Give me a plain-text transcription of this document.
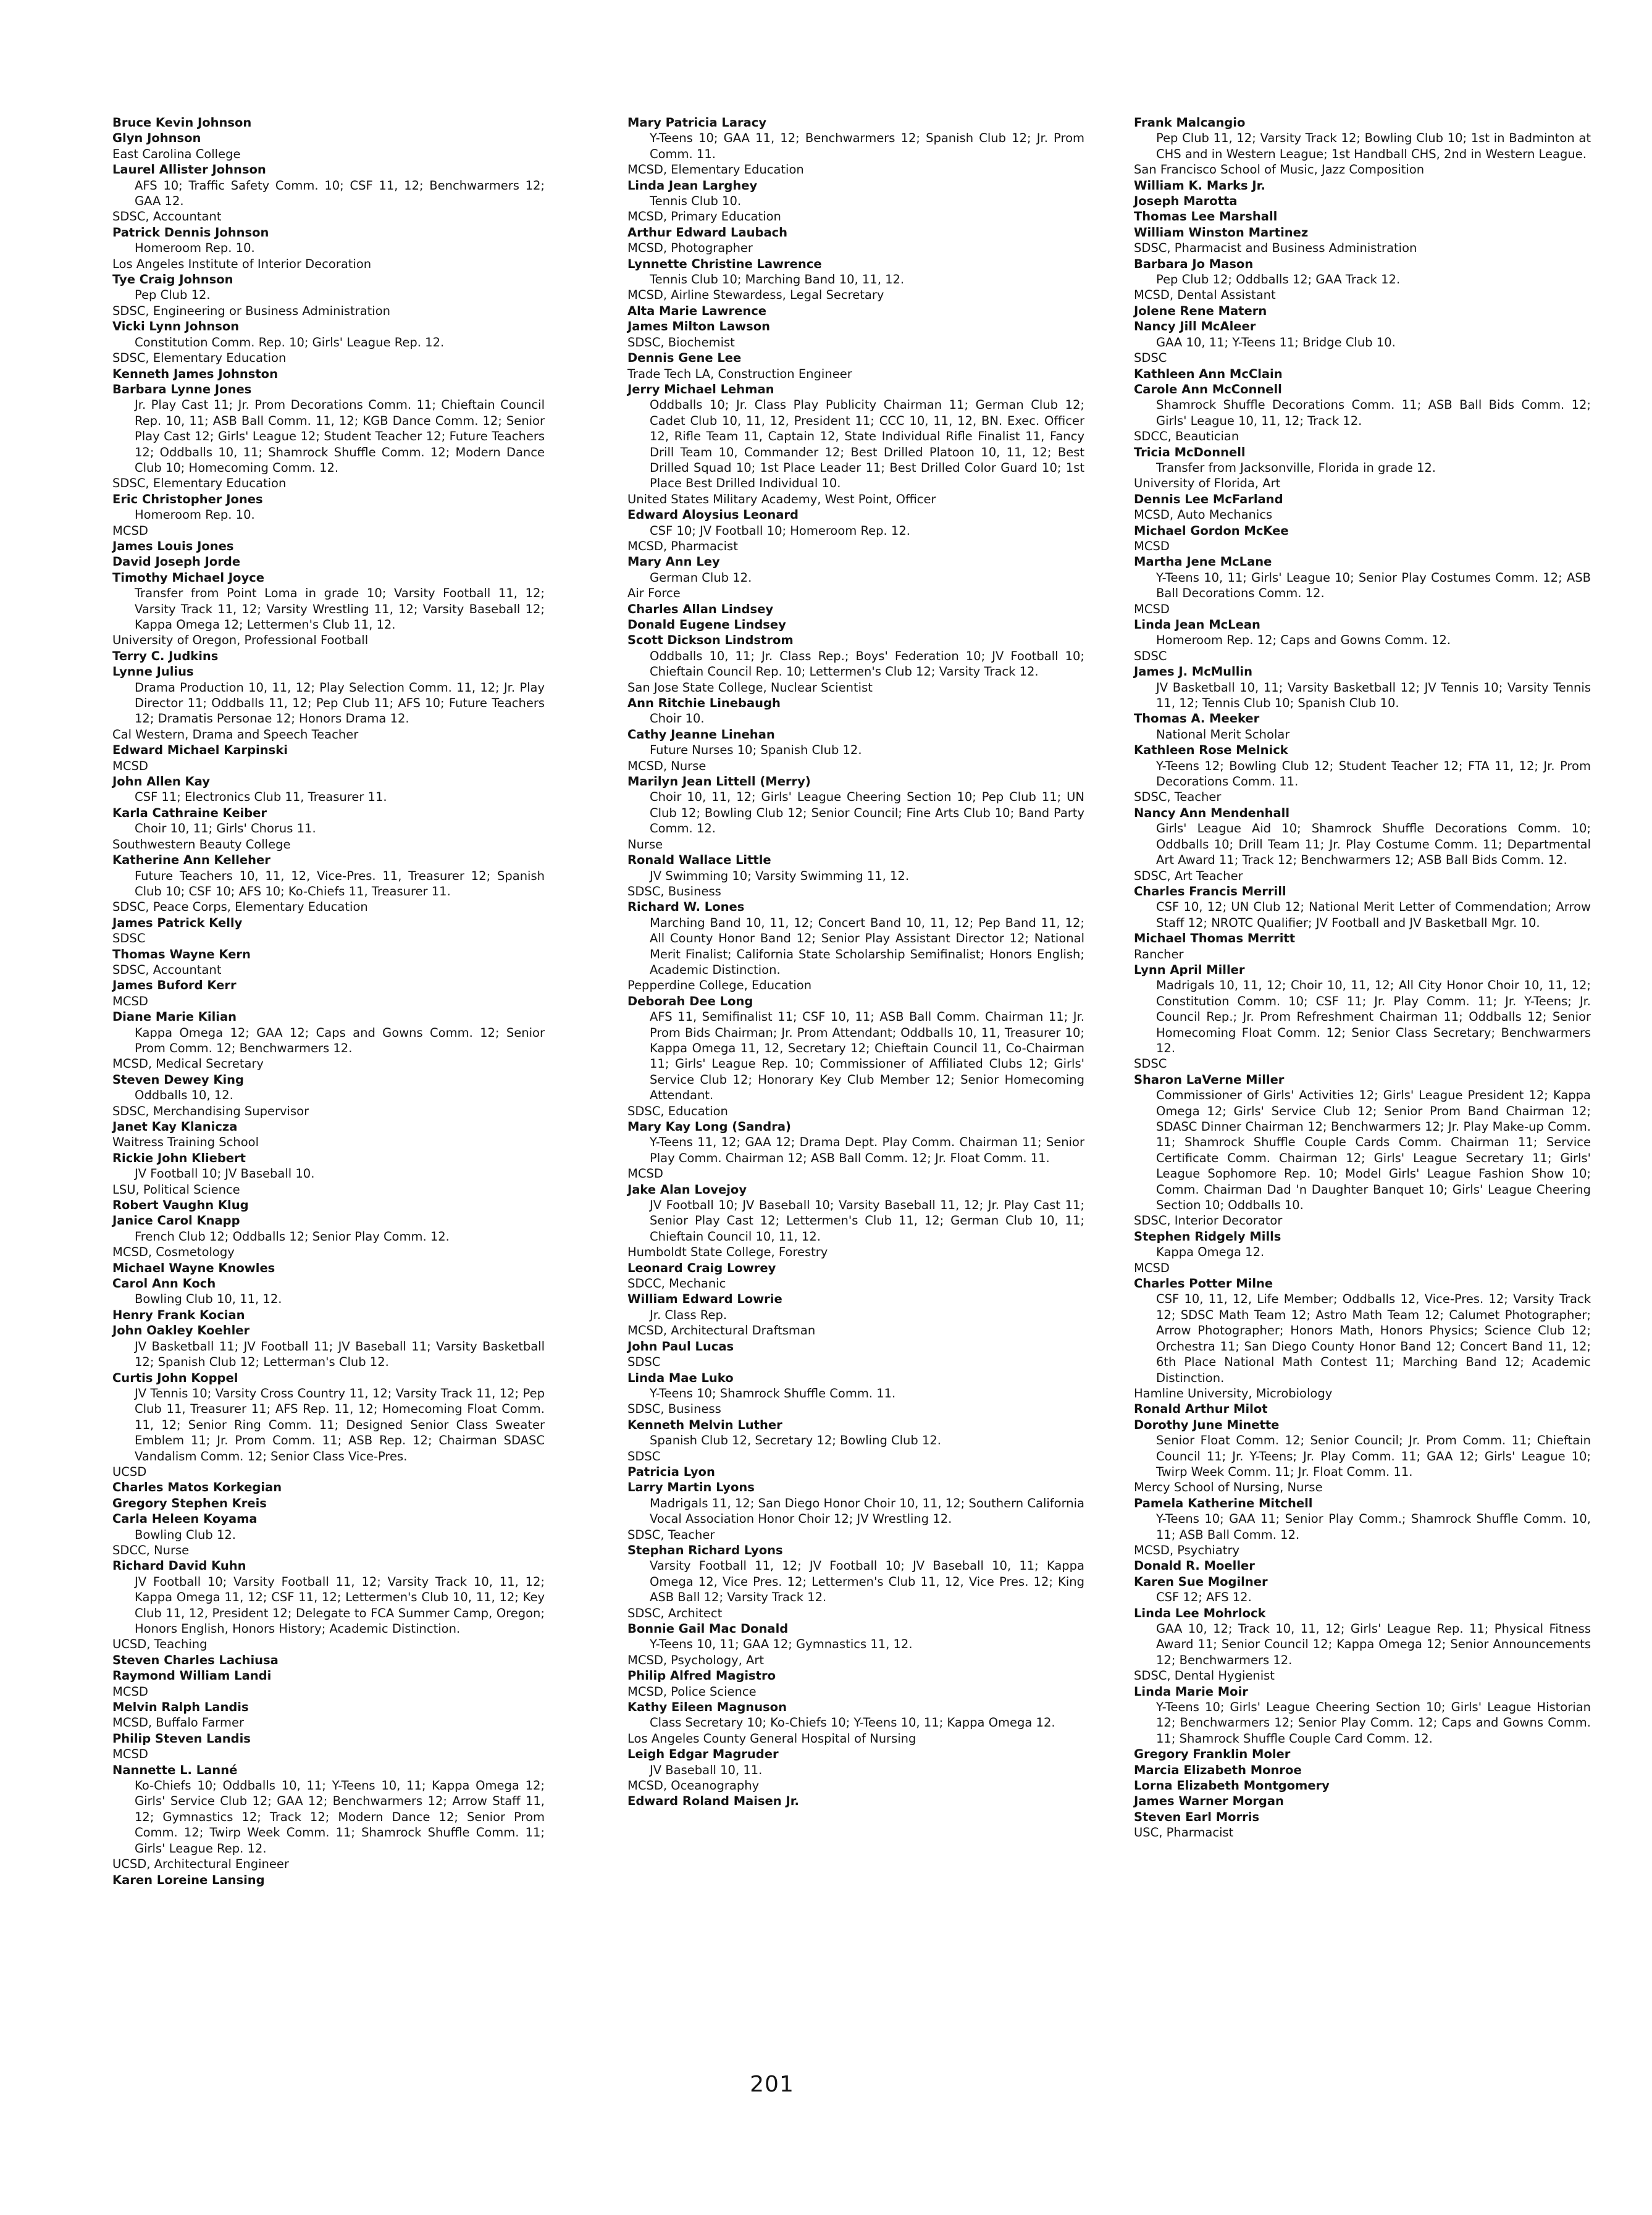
Bruce Kevin Johnson
Glyn Johnson
East Carolina College
Laurel Allister Johnson
AFS 10; Traffic Safety Comm. 10; CSF 11, 12; Benchwarmers 12; GAA 12.
SDSC, Accountant
Patrick Dennis Johnson
Homeroom Rep. 10.
Los Angeles Institute of Interior Decoration
Tye Craig Johnson
Pep Club 12.
SDSC, Engineering or Business Administration
Vicki Lynn Johnson
Constitution Comm. Rep. 10; Girls' League Rep. 12.
SDSC, Elementary Education
Kenneth James Johnston
Barbara Lynne Jones
Jr. Play Cast 11; Jr. Prom Decorations Comm. 11; Chieftain Council Rep. 10, 11; ASB Ball Comm. 11, 12; KGB Dance Comm. 12; Senior Play Cast 12; Girls' League 12; Student Teacher 12; Future Teachers 12; Oddballs 10, 11; Shamrock Shuffle Comm. 12; Modern Dance Club 10; Homecoming Comm. 12.
SDSC, Elementary Education
Eric Christopher Jones
Homeroom Rep. 10.
MCSD
James Louis Jones
David Joseph Jorde
Timothy Michael Joyce
Transfer from Point Loma in grade 10; Varsity Football 11, 12; Varsity Track 11, 12; Varsity Wrestling 11, 12; Varsity Baseball 12; Kappa Omega 12; Lettermen's Club 11, 12.
University of Oregon, Professional Football
Terry C. Judkins
Lynne Julius
Drama Production 10, 11, 12; Play Selection Comm. 11, 12; Jr. Play Director 11; Oddballs 11, 12; Pep Club 11; AFS 10; Future Teachers 12; Dramatis Personae 12; Honors Drama 12.
Cal Western, Drama and Speech Teacher
Edward Michael Karpinski
MCSD
John Allen Kay
CSF 11; Electronics Club 11, Treasurer 11.
Karla Cathraine Keiber
Choir 10, 11; Girls' Chorus 11.
Southwestern Beauty College
Katherine Ann Kelleher
Future Teachers 10, 11, 12, Vice-Pres. 11, Treasurer 12; Spanish Club 10; CSF 10; AFS 10; Ko-Chiefs 11, Treasurer 11.
SDSC, Peace Corps, Elementary Education
James Patrick Kelly
SDSC
Thomas Wayne Kern
SDSC, Accountant
James Buford Kerr
MCSD
Diane Marie Kilian
Kappa Omega 12; GAA 12; Caps and Gowns Comm. 12; Senior Prom Comm. 12; Benchwarmers 12.
MCSD, Medical Secretary
Steven Dewey King
Oddballs 10, 12.
SDSC, Merchandising Supervisor
Janet Kay Klanicza
Waitress Training School
Rickie John Kliebert
JV Football 10; JV Baseball 10.
LSU, Political Science
Robert Vaughn Klug
Janice Carol Knapp
French Club 12; Oddballs 12; Senior Play Comm. 12.
MCSD, Cosmetology
Michael Wayne Knowles
Carol Ann Koch
Bowling Club 10, 11, 12.
Henry Frank Kocian
John Oakley Koehler
JV Basketball 11; JV Football 11; JV Baseball 11; Varsity Basketball 12; Spanish Club 12; Letterman's Club 12.
Curtis John Koppel
JV Tennis 10; Varsity Cross Country 11, 12; Varsity Track 11, 12; Pep Club 11, Treasurer 11; AFS Rep. 11, 12; Homecoming Float Comm. 11, 12; Senior Ring Comm. 11; Designed Senior Class Sweater Emblem 11; Jr. Prom Comm. 11; ASB Rep. 12; Chairman SDASC Vandalism Comm. 12; Senior Class Vice-Pres.
UCSD
Charles Matos Korkegian
Gregory Stephen Kreis
Carla Heleen Koyama
Bowling Club 12.
SDCC, Nurse
Richard David Kuhn
JV Football 10; Varsity Football 11, 12; Varsity Track 10, 11, 12; Kappa Omega 11, 12; CSF 11, 12; Lettermen's Club 10, 11, 12; Key Club 11, 12, President 12; Delegate to FCA Summer Camp, Oregon; Honors English, Honors History; Academic Distinction.
UCSD, Teaching
Steven Charles Lachiusa
Raymond William Landi
MCSD
Melvin Ralph Landis
MCSD, Buffalo Farmer
Philip Steven Landis
MCSD
Nannette L. Lanné
Ko-Chiefs 10; Oddballs 10, 11; Y-Teens 10, 11; Kappa Omega 12; Girls' Service Club 12; GAA 12; Benchwarmers 12; Arrow Staff 11, 12; Gymnastics 12; Track 12; Modern Dance 12; Senior Prom Comm. 12; Twirp Week Comm. 11; Shamrock Shuffle Comm. 11; Girls' League Rep. 12.
UCSD, Architectural Engineer
Karen Loreine Lansing
Mary Patricia Laracy
Y-Teens 10; GAA 11, 12; Benchwarmers 12; Spanish Club 12; Jr. Prom Comm. 11.
MCSD, Elementary Education
Linda Jean Larghey
Tennis Club 10.
MCSD, Primary Education
Arthur Edward Laubach
MCSD, Photographer
Lynnette Christine Lawrence
Tennis Club 10; Marching Band 10, 11, 12.
MCSD, Airline Stewardess, Legal Secretary
Alta Marie Lawrence
James Milton Lawson
SDSC, Biochemist
Dennis Gene Lee
Trade Tech LA, Construction Engineer
Jerry Michael Lehman
Oddballs 10; Jr. Class Play Publicity Chairman 11; German Club 12; Cadet Club 10, 11, 12, President 11; CCC 10, 11, 12, BN. Exec. Officer 12, Rifle Team 11, Captain 12, State Individual Rifle Finalist 11, Fancy Drill Team 10, Commander 12; Best Drilled Platoon 10, 11, 12; Best Drilled Squad 10; 1st Place Leader 11; Best Drilled Color Guard 10; 1st Place Best Drilled Individual 10.
United States Military Academy, West Point, Officer
Edward Aloysius Leonard
CSF 10; JV Football 10; Homeroom Rep. 12.
MCSD, Pharmacist
Mary Ann Ley
German Club 12.
Air Force
Charles Allan Lindsey
Donald Eugene Lindsey
Scott Dickson Lindstrom
Oddballs 10, 11; Jr. Class Rep.; Boys' Federation 10; JV Football 10; Chieftain Council Rep. 10; Lettermen's Club 12; Varsity Track 12.
San Jose State College, Nuclear Scientist
Ann Ritchie Linebaugh
Choir 10.
Cathy Jeanne Linehan
Future Nurses 10; Spanish Club 12.
MCSD, Nurse
Marilyn Jean Littell (Merry)
Choir 10, 11, 12; Girls' League Cheering Section 10; Pep Club 11; UN Club 12; Bowling Club 12; Senior Council; Fine Arts Club 10; Band Party Comm. 12.
Nurse
Ronald Wallace Little
JV Swimming 10; Varsity Swimming 11, 12.
SDSC, Business
Richard W. Lones
Marching Band 10, 11, 12; Concert Band 10, 11, 12; Pep Band 11, 12; All County Honor Band 12; Senior Play Assistant Director 12; National Merit Finalist; California State Scholarship Semifinalist; Honors English; Academic Distinction.
Pepperdine College, Education
Deborah Dee Long
AFS 11, Semifinalist 11; CSF 10, 11; ASB Ball Comm. Chairman 11; Jr. Prom Bids Chairman; Jr. Prom Attendant; Oddballs 10, 11, Treasurer 10; Kappa Omega 11, 12, Secretary 12; Chieftain Council 11, Co-Chairman 11; Girls' League Rep. 10; Commissioner of Affiliated Clubs 12; Girls' Service Club 12; Honorary Key Club Member 12; Senior Homecoming Attendant.
SDSC, Education
Mary Kay Long (Sandra)
Y-Teens 11, 12; GAA 12; Drama Dept. Play Comm. Chairman 11; Senior Play Comm. Chairman 12; ASB Ball Comm. 12; Jr. Float Comm. 11.
MCSD
Jake Alan Lovejoy
JV Football 10; JV Baseball 10; Varsity Baseball 11, 12; Jr. Play Cast 11; Senior Play Cast 12; Lettermen's Club 11, 12; German Club 10, 11; Chieftain Council 10, 11, 12.
Humboldt State College, Forestry
Leonard Craig Lowrey
SDCC, Mechanic
William Edward Lowrie
Jr. Class Rep.
MCSD, Architectural Draftsman
John Paul Lucas
SDSC
Linda Mae Luko
Y-Teens 10; Shamrock Shuffle Comm. 11.
SDSC, Business
Kenneth Melvin Luther
Spanish Club 12, Secretary 12; Bowling Club 12.
SDSC
Patricia Lyon
Larry Martin Lyons
Madrigals 11, 12; San Diego Honor Choir 10, 11, 12; Southern California Vocal Association Honor Choir 12; JV Wrestling 12.
SDSC, Teacher
Stephan Richard Lyons
Varsity Football 11, 12; JV Football 10; JV Baseball 10, 11; Kappa Omega 12, Vice Pres. 12; Lettermen's Club 11, 12, Vice Pres. 12; King ASB Ball 12; Varsity Track 12.
SDSC, Architect
Bonnie Gail Mac Donald
Y-Teens 10, 11; GAA 12; Gymnastics 11, 12.
MCSD, Psychology, Art
Philip Alfred Magistro
MCSD, Police Science
Kathy Eileen Magnuson
Class Secretary 10; Ko-Chiefs 10; Y-Teens 10, 11; Kappa Omega 12.
Los Angeles County General Hospital of Nursing
Leigh Edgar Magruder
JV Baseball 10, 11.
MCSD, Oceanography
Edward Roland Maisen Jr.
Frank Malcangio
Pep Club 11, 12; Varsity Track 12; Bowling Club 10; 1st in Badminton at CHS and in Western League; 1st Handball CHS, 2nd in Western League.
San Francisco School of Music, Jazz Composition
William K. Marks Jr.
Joseph Marotta
Thomas Lee Marshall
William Winston Martinez
SDSC, Pharmacist and Business Administration
Barbara Jo Mason
Pep Club 12; Oddballs 12; GAA Track 12.
MCSD, Dental Assistant
Jolene Rene Matern
Nancy Jill McAleer
GAA 10, 11; Y-Teens 11; Bridge Club 10.
SDSC
Kathleen Ann McClain
Carole Ann McConnell
Shamrock Shuffle Decorations Comm. 11; ASB Ball Bids Comm. 12; Girls' League 10, 11, 12; Track 12.
SDCC, Beautician
Tricia McDonnell
Transfer from Jacksonville, Florida in grade 12.
University of Florida, Art
Dennis Lee McFarland
MCSD, Auto Mechanics
Michael Gordon McKee
MCSD
Martha Jene McLane
Y-Teens 10, 11; Girls' League 10; Senior Play Costumes Comm. 12; ASB Ball Decorations Comm. 12.
MCSD
Linda Jean McLean
Homeroom Rep. 12; Caps and Gowns Comm. 12.
SDSC
James J. McMullin
JV Basketball 10, 11; Varsity Basketball 12; JV Tennis 10; Varsity Tennis 11, 12; Tennis Club 10; Spanish Club 10.
Thomas A. Meeker
National Merit Scholar
Kathleen Rose Melnick
Y-Teens 12; Bowling Club 12; Student Teacher 12; FTA 11, 12; Jr. Prom Decorations Comm. 11.
SDSC, Teacher
Nancy Ann Mendenhall
Girls' League Aid 10; Shamrock Shuffle Decorations Comm. 10; Oddballs 10; Drill Team 11; Jr. Play Costume Comm. 11; Departmental Art Award 11; Track 12; Benchwarmers 12; ASB Ball Bids Comm. 12.
SDSC, Art Teacher
Charles Francis Merrill
CSF 10, 12; UN Club 12; National Merit Letter of Commendation; Arrow Staff 12; NROTC Qualifier; JV Football and JV Basketball Mgr. 10.
Michael Thomas Merritt
Rancher
Lynn April Miller
Madrigals 10, 11, 12; Choir 10, 11, 12; All City Honor Choir 10, 11, 12; Constitution Comm. 10; CSF 11; Jr. Play Comm. 11; Jr. Y-Teens; Jr. Council Rep.; Jr. Prom Refreshment Chairman 11; Oddballs 12; Senior Homecoming Float Comm. 12; Senior Class Secretary; Benchwarmers 12.
SDSC
Sharon LaVerne Miller
Commissioner of Girls' Activities 12; Girls' League President 12; Kappa Omega 12; Girls' Service Club 12; Senior Prom Band Chairman 12; SDASC Dinner Chairman 12; Benchwarmers 12; Jr. Play Make-up Comm. 11; Shamrock Shuffle Couple Cards Comm. Chairman 11; Service Certificate Comm. Chairman 12; Girls' League Secretary 11; Girls' League Sophomore Rep. 10; Model Girls' League Fashion Show 10; Comm. Chairman Dad 'n Daughter Banquet 10; Girls' League Cheering Section 10; Oddballs 10.
SDSC, Interior Decorator
Stephen Ridgely Mills
Kappa Omega 12.
MCSD
Charles Potter Milne
CSF 10, 11, 12, Life Member; Oddballs 12, Vice-Pres. 12; Varsity Track 12; SDSC Math Team 12; Astro Math Team 12; Calumet Photographer; Arrow Photographer; Honors Math, Honors Physics; Science Club 12; Orchestra 11; San Diego County Honor Band 12; Concert Band 11, 12; 6th Place National Math Contest 11; Marching Band 12; Academic Distinction.
Hamline University, Microbiology
Ronald Arthur Milot
Dorothy June Minette
Senior Float Comm. 12; Senior Council; Jr. Prom Comm. 11; Chieftain Council 11; Jr. Y-Teens; Jr. Play Comm. 11; GAA 12; Girls' League 10; Twirp Week Comm. 11; Jr. Float Comm. 11.
Mercy School of Nursing, Nurse
Pamela Katherine Mitchell
Y-Teens 10; GAA 11; Senior Play Comm.; Shamrock Shuffle Comm. 10, 11; ASB Ball Comm. 12.
MCSD, Psychiatry
Donald R. Moeller
Karen Sue Mogilner
CSF 12; AFS 12.
Linda Lee Mohrlock
GAA 10, 12; Track 10, 11, 12; Girls' League Rep. 11; Physical Fitness Award 11; Senior Council 12; Kappa Omega 12; Senior Announcements 12; Benchwarmers 12.
SDSC, Dental Hygienist
Linda Marie Moir
Y-Teens 10; Girls' League Cheering Section 10; Girls' League Historian 12; Benchwarmers 12; Senior Play Comm. 12; Caps and Gowns Comm. 11; Shamrock Shuffle Couple Card Comm. 12.
Gregory Franklin Moler
Marcia Elizabeth Monroe
Lorna Elizabeth Montgomery
James Warner Morgan
Steven Earl Morris
USC, Pharmacist
201
